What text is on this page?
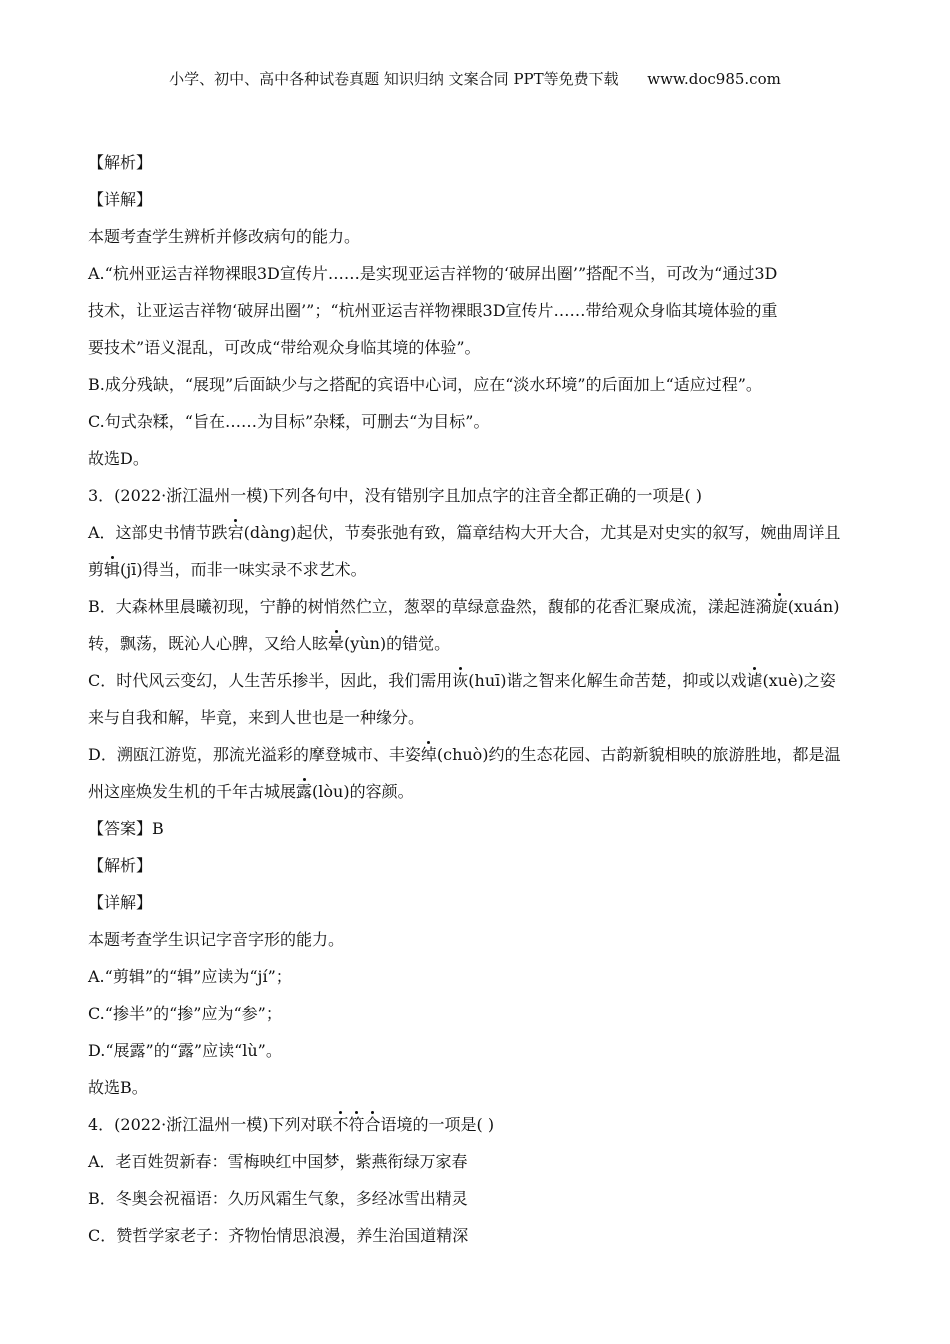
小学、初中、高中各种试卷真题 知识归纳 文案合同 PPT等免费下载      www.doc985.com
【解析】
【详解】
本题考查学生辨析并修改病句的能力。
A.“杭州亚运吉祥物裸眼3D宣传片……是实现亚运吉祥物的‘破屏出圈’”搭配不当，可改为“通过3D
技术，让亚运吉祥物‘破屏出圈’”；“杭州亚运吉祥物裸眼3D宣传片……带给观众身临其境体验的重
要技术”语义混乱，可改成“带给观众身临其境的体验”。
B.成分残缺，“展现”后面缺少与之搭配的宾语中心词，应在“淡水环境”的后面加上“适应过程”。
C.句式杂糅，“旨在……为目标”杂糅，可删去“为目标”。
故选D。
3．(2022·浙江温州一模)下列各句中，没有错别字且加点字的注音全都正确的一项是( )
A．这部史书情节跌宕(dàng)起伏，节奏张弛有致，篇章结构大开大合，尤其是对史实的叙写，婉曲周详且
剪辑(jī)得当，而非一味实录不求艺术。
B．大森林里晨曦初现，宁静的树悄然伫立，葱翠的草绿意盎然，馥郁的花香汇聚成流，漾起涟漪旋(xuán)
转，飘荡，既沁人心脾，又给人眩晕(yùn)的错觉。
C．时代风云变幻，人生苦乐掺半，因此，我们需用诙(huī)谐之智来化解生命苦楚，抑或以戏谑(xuè)之姿
来与自我和解，毕竟，来到人世也是一种缘分。
D．溯瓯江游览，那流光溢彩的摩登城市、丰姿绰(chuò)约的生态花园、古韵新貌相映的旅游胜地，都是温
州这座焕发生机的千年古城展露(lòu)的容颜。
【答案】B
【解析】
【详解】
本题考查学生识记字音字形的能力。
A.“剪辑”的“辑”应读为“jí”；
C.“掺半”的“掺”应为“参”；
D.“展露”的“露”应读“lù”。
故选B。
4．(2022·浙江温州一模)下列对联不符合语境的一项是( )
A．老百姓贺新春：雪梅映红中国梦，紫燕衔绿万家春
B．冬奥会祝福语：久历风霜生气象，多经冰雪出精灵
C．赞哲学家老子：齐物怡情思浪漫，养生治国道精深
